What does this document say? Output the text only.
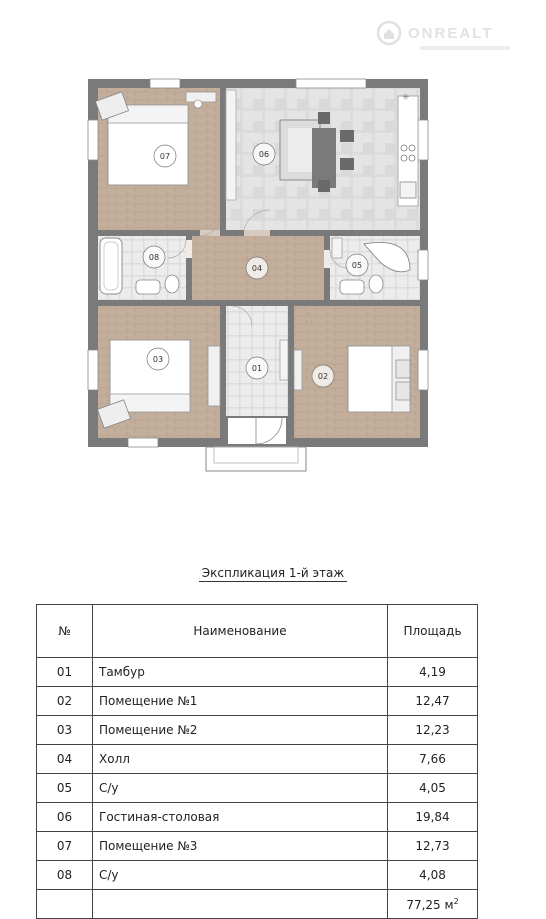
✳
07	06
08
04	05
03
01
02
ONREALT
Экспликация 1-й этаж
№	Наименование	Площадь
01	Тамбур	4,19
02	Помещение №1	12,47
03	Помещение №2	12,23
04	Холл	7,66
05	С/у	4,05
06	Гостиная-столовая	19,84
07	Помещение №3	12,73
08	С/у	4,08
		77,25 $м^2$
